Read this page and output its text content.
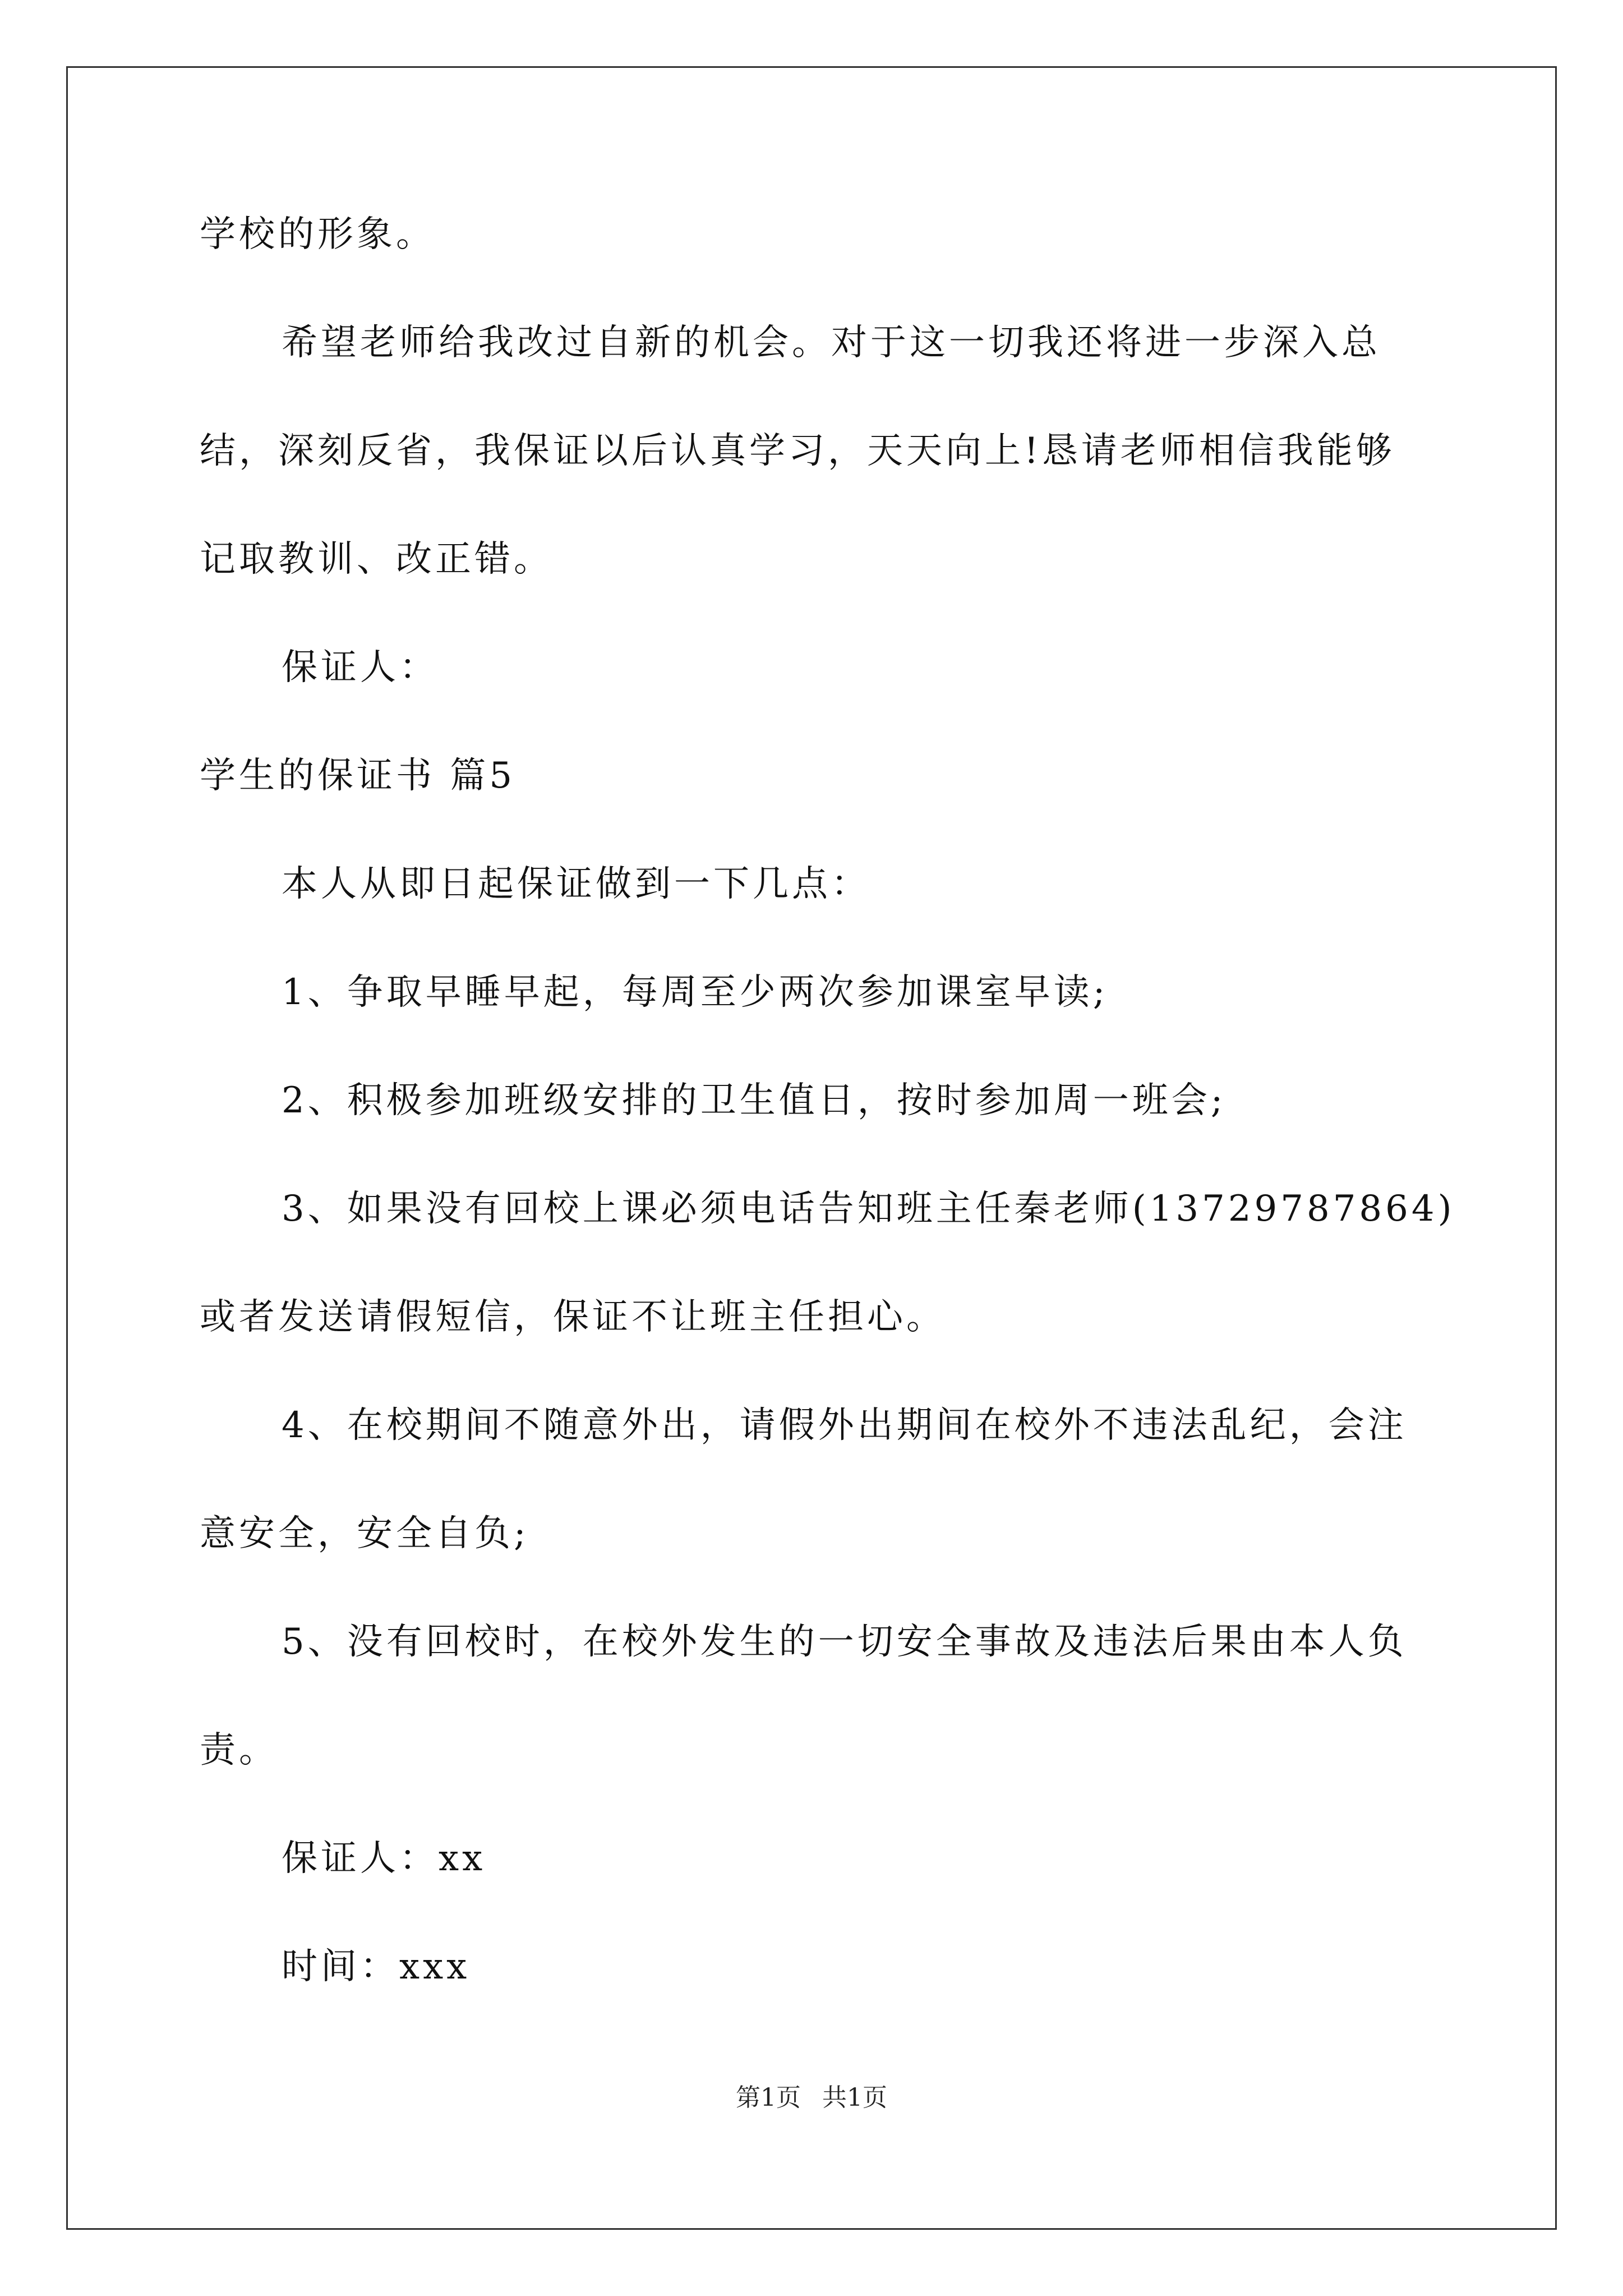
学校的形象。
希望老师给我改过自新的机会。对于这一切我还将进一步深入总
结，深刻反省，我保证以后认真学习，天天向上!恳请老师相信我能够
记取教训、改正错。
保证人：
学生的保证书 篇5
本人从即日起保证做到一下几点：
1、争取早睡早起，每周至少两次参加课室早读;
2、积极参加班级安排的卫生值日，按时参加周一班会;
3、如果没有回校上课必须电话告知班主任秦老师(13729787864)
或者发送请假短信，保证不让班主任担心。
4、在校期间不随意外出，请假外出期间在校外不违法乱纪，会注
意安全，安全自负;
5、没有回校时，在校外发生的一切安全事故及违法后果由本人负
责。
保证人：xx
时间：xxx
第1页 共1页
